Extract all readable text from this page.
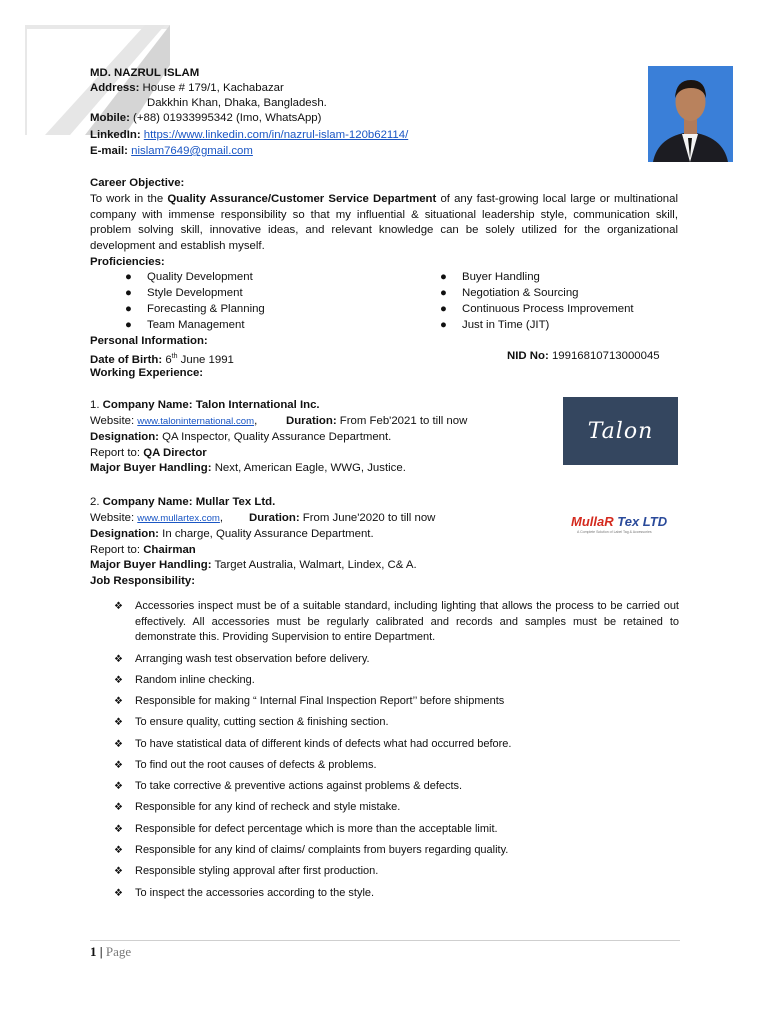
MD. NAZRUL ISLAM
Address: House # 179/1, Kachabazar
Dakkhin Khan, Dhaka, Bangladesh.
Mobile: (+88) 01933995342 (Imo, WhatsApp)
LinkedIn: https://www.linkedin.com/in/nazrul-islam-120b62114/
E-mail: nislam7649@gmail.com
Career Objective:
To work in the Quality Assurance/Customer Service Department of any fast-growing local large or multinational company with immense responsibility so that my influential & situational leadership style, communication skill, problem solving skill, innovative ideas, and relevant knowledge can be solely utilized for the organizational development and establish myself.
Proficiencies:
● Quality Development
● Style Development
● Forecasting & Planning
● Team Management
● Buyer Handling
● Negotiation & Sourcing
● Continuous Process Improvement
● Just in Time (JIT)
Personal Information:
Date of Birth: 6th June 1991	NID No: 19916810713000045
Working Experience:
1. Company Name: Talon International Inc.
Website: www.taloninternational.com,	Duration: From Feb'2021 to till now
Designation: QA Inspector, Quality Assurance Department.
Report to: QA Director
Major Buyer Handling: Next, American Eagle, WWG, Justice.
Talon
2. Company Name: Mullar Tex Ltd.
Website: www.mullartex.com, Duration: From June'2020 to till now
Designation: In charge, Quality Assurance Department.
Report to: Chairman
Major Buyer Handling: Target Australia, Walmart, Lindex, C& A.
MullaR Tex LTD
A Complete Solution of Label Tag & Accessories
Job Responsibility:
❖ Accessories inspect must be of a suitable standard, including lighting that allows the process to be carried out effectively. All accessories must be regularly calibrated and records and samples must be retained to demonstrate this. Providing Supervision to entire Department.
❖ Arranging wash test observation before delivery.
❖ Random inline checking.
❖ Responsible for making “ Internal Final Inspection Report’’ before shipments
❖ To ensure quality, cutting section & finishing section.
❖ To have statistical data of different kinds of defects what had occurred before.
❖ To find out the root causes of defects & problems.
❖ To take corrective & preventive actions against problems & defects.
❖ Responsible for any kind of recheck and style mistake.
❖ Responsible for defect percentage which is more than the acceptable limit.
❖ Responsible for any kind of claims/ complaints from buyers regarding quality.
❖ Responsible styling approval after first production.
❖ To inspect the accessories according to the style.
1 | Page
